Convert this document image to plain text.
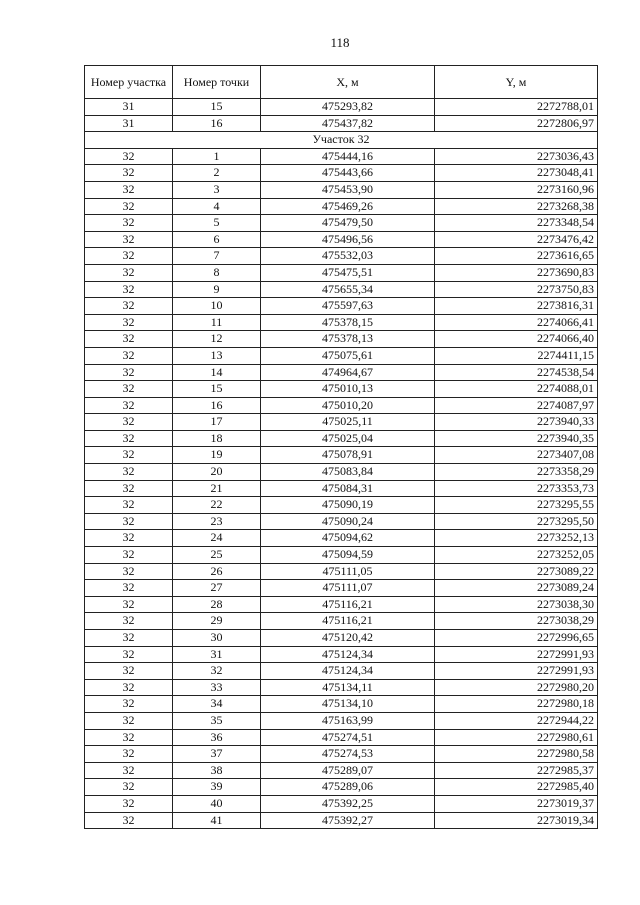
118
Номер участка	Номер точки	X, м	Y, м
31	15	475293,82	2272788,01
31	16	475437,82	2272806,97
Участок 32			
32	1	475444,16	2273036,43
32	2	475443,66	2273048,41
32	3	475453,90	2273160,96
32	4	475469,26	2273268,38
32	5	475479,50	2273348,54
32	6	475496,56	2273476,42
32	7	475532,03	2273616,65
32	8	475475,51	2273690,83
32	9	475655,34	2273750,83
32	10	475597,63	2273816,31
32	11	475378,15	2274066,41
32	12	475378,13	2274066,40
32	13	475075,61	2274411,15
32	14	474964,67	2274538,54
32	15	475010,13	2274088,01
32	16	475010,20	2274087,97
32	17	475025,11	2273940,33
32	18	475025,04	2273940,35
32	19	475078,91	2273407,08
32	20	475083,84	2273358,29
32	21	475084,31	2273353,73
32	22	475090,19	2273295,55
32	23	475090,24	2273295,50
32	24	475094,62	2273252,13
32	25	475094,59	2273252,05
32	26	475111,05	2273089,22
32	27	475111,07	2273089,24
32	28	475116,21	2273038,30
32	29	475116,21	2273038,29
32	30	475120,42	2272996,65
32	31	475124,34	2272991,93
32	32	475124,34	2272991,93
32	33	475134,11	2272980,20
32	34	475134,10	2272980,18
32	35	475163,99	2272944,22
32	36	475274,51	2272980,61
32	37	475274,53	2272980,58
32	38	475289,07	2272985,37
32	39	475289,06	2272985,40
32	40	475392,25	2273019,37
32	41	475392,27	2273019,34
